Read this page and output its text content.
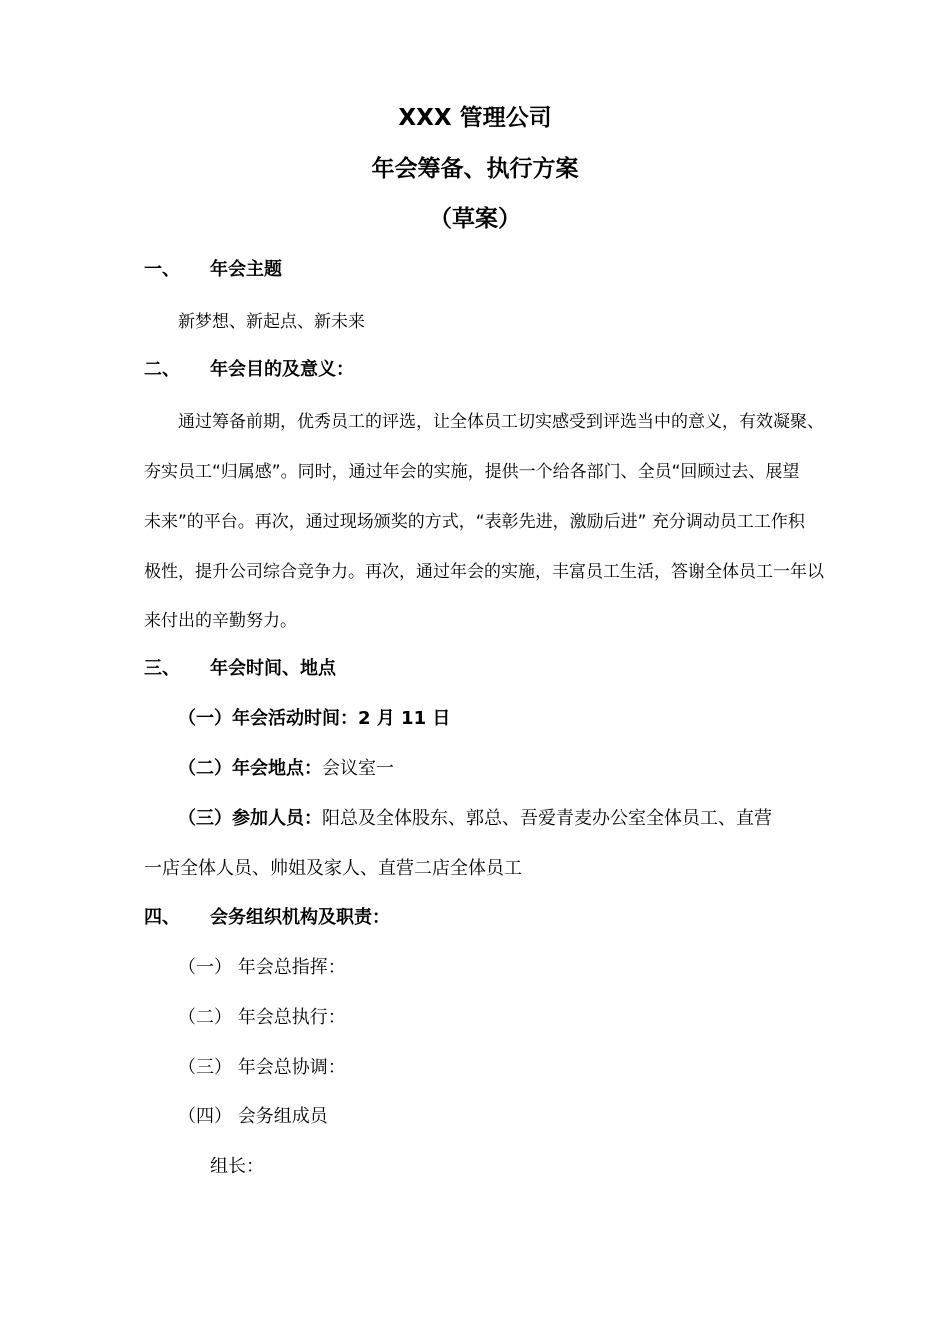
XXX 管理公司
年会筹备、执行方案
（草案）
一、 年会主题
新梦想、新起点、新未来
二、 年会目的及意义：
通过筹备前期，优秀员工的评选，让全体员工切实感受到评选当中的意义，有效凝聚、
夯实员工“归属感”。同时，通过年会的实施，提供一个给各部门、全员“回顾过去、展望
未来”的平台。再次，通过现场颁奖的方式，“表彰先进，激励后进” 充分调动员工工作积
极性，提升公司综合竞争力。再次，通过年会的实施，丰富员工生活，答谢全体员工一年以
来付出的辛勤努力。
三、 年会时间、地点
（一）年会活动时间：2 月 11 日
（二）年会地点：会议室一
（三）参加人员：阳总及全体股东、郭总、吾爱青麦办公室全体员工、直营
一店全体人员、帅姐及家人、直营二店全体员工
四、 会务组织机构及职责：
（一） 年会总指挥：
（二） 年会总执行：
（三） 年会总协调：
（四） 会务组成员
组长：
